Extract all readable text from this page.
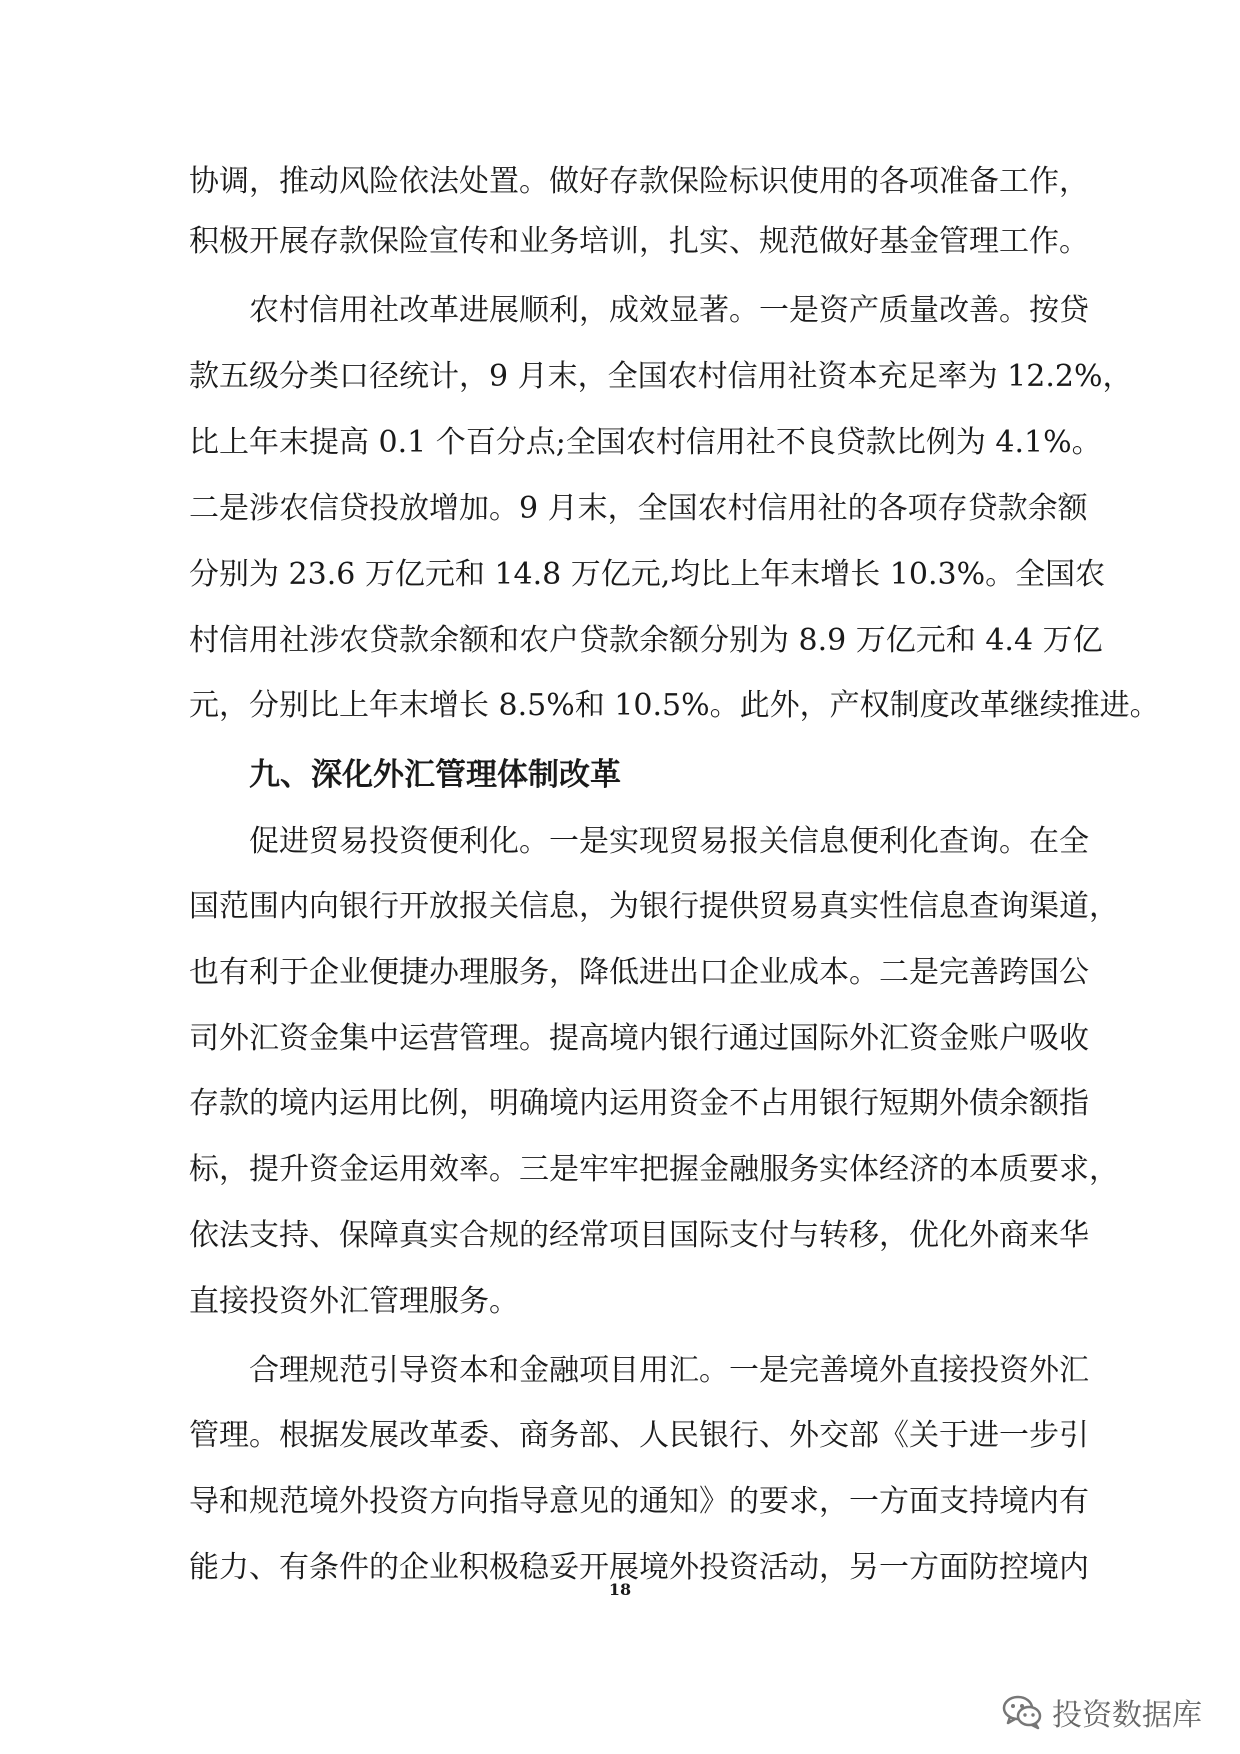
协调，推动风险依法处置。做好存款保险标识使用的各项准备工作，
积极开展存款保险宣传和业务培训，扎实、规范做好基金管理工作。
农村信用社改革进展顺利，成效显著。一是资产质量改善。按贷
款五级分类口径统计，9 月末，全国农村信用社资本充足率为 12.2%，
比上年末提高 0.1 个百分点;全国农村信用社不良贷款比例为 4.1%。
二是涉农信贷投放增加。9 月末，全国农村信用社的各项存贷款余额
分别为 23.6 万亿元和 14.8 万亿元,均比上年末增长 10.3%。全国农
村信用社涉农贷款余额和农户贷款余额分别为 8.9 万亿元和 4.4 万亿
元，分别比上年末增长 8.5%和 10.5%。此外，产权制度改革继续推进。
九、深化外汇管理体制改革
促进贸易投资便利化。一是实现贸易报关信息便利化查询。在全
国范围内向银行开放报关信息，为银行提供贸易真实性信息查询渠道，
也有利于企业便捷办理服务，降低进出口企业成本。二是完善跨国公
司外汇资金集中运营管理。提高境内银行通过国际外汇资金账户吸收
存款的境内运用比例，明确境内运用资金不占用银行短期外债余额指
标，提升资金运用效率。三是牢牢把握金融服务实体经济的本质要求，
依法支持、保障真实合规的经常项目国际支付与转移，优化外商来华
直接投资外汇管理服务。
合理规范引导资本和金融项目用汇。一是完善境外直接投资外汇
管理。根据发展改革委、商务部、人民银行、外交部《关于进一步引
导和规范境外投资方向指导意见的通知》的要求，一方面支持境内有
能力、有条件的企业积极稳妥开展境外投资活动，另一方面防控境内
18
投资数据库
